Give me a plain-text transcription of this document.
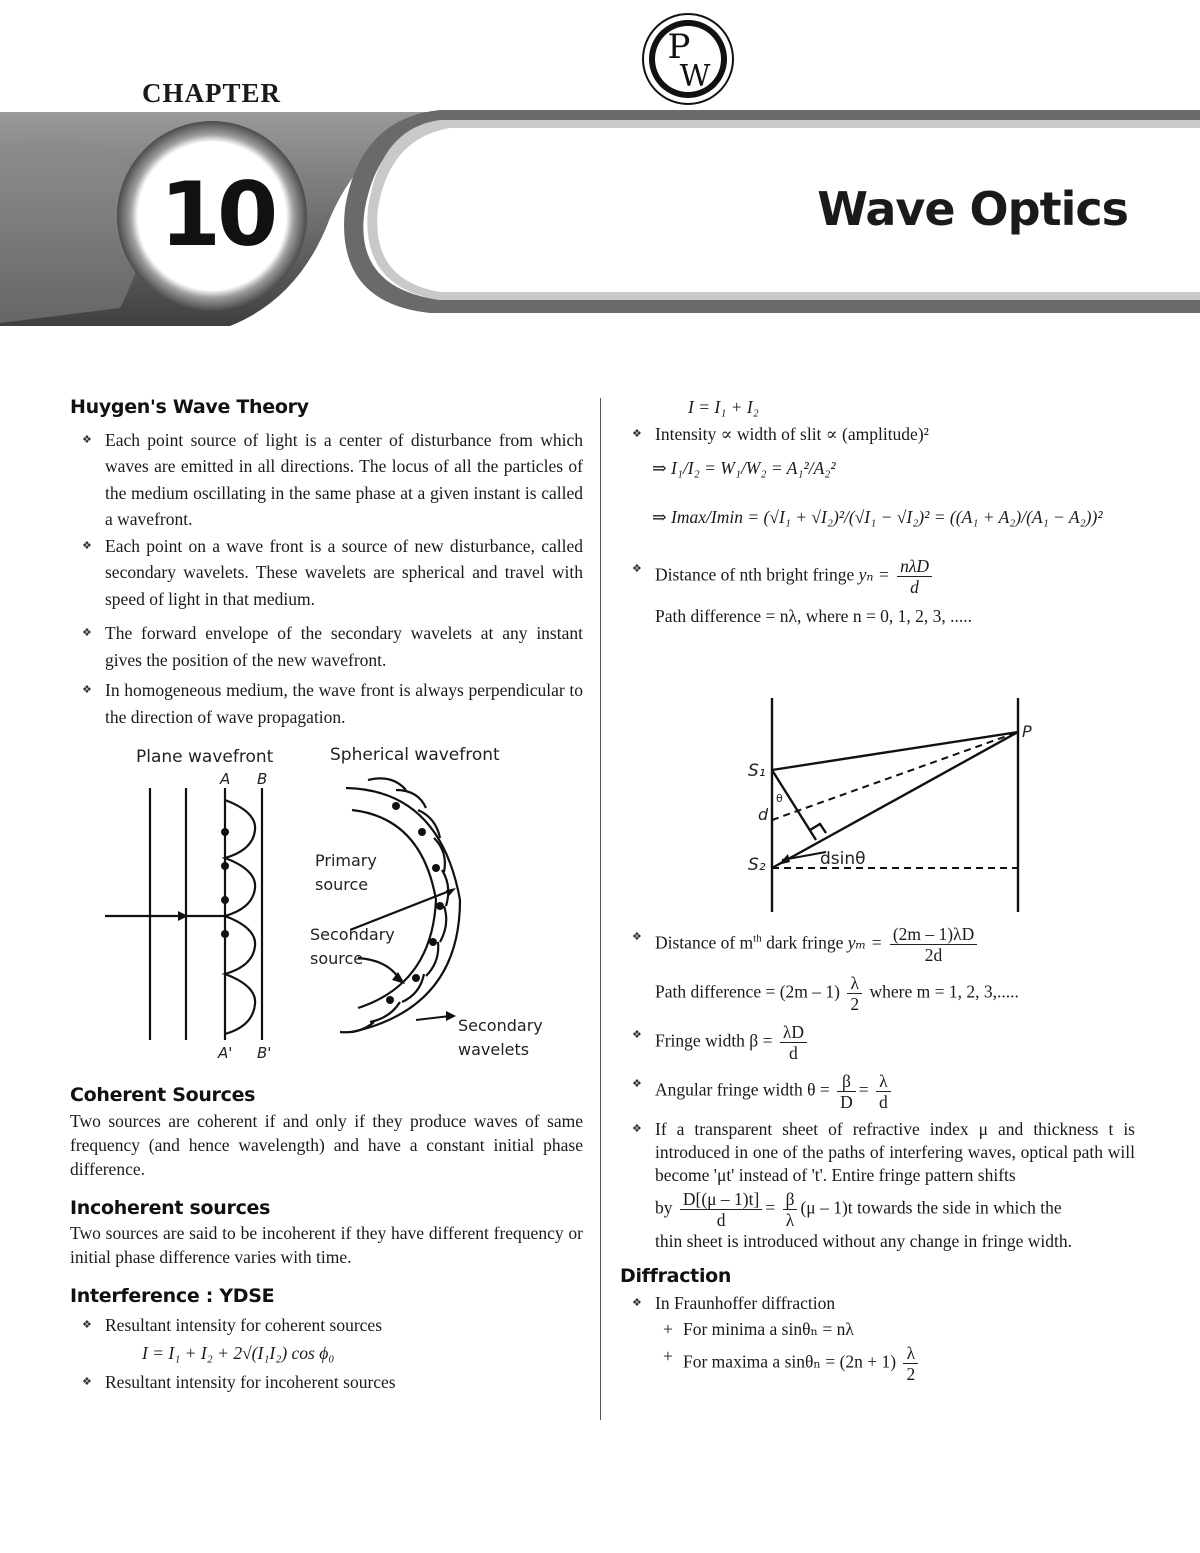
CHAPTER
P
W
10	Wave Optics
Huygen's Wave Theory
❖ Each point source of light is a center of disturbance from which waves are emitted in all directions. The locus of all the particles of the medium oscillating in the same phase at a given instant is called a wavefront.
❖ Each point on a wave front is a source of new disturbance, called secondary wavelets. These wavelets are spherical and travel with speed of light in that medium.
❖ The forward envelope of the secondary wavelets at any instant gives the position of the new wavefront.
❖ In homogeneous medium, the wave front is always perpendicular to the direction of wave propagation.
Plane wavefront	Spherical wavefront
A B
A' B'
Primary
source
Secondary
source
Secondary
wavelets
Coherent Sources
Two sources are coherent if and only if they produce waves of same frequency (and hence wavelength) and have a constant initial phase difference.
Incoherent sources
Two sources are said to be incoherent if they have different frequency or initial phase difference varies with time.
Interference : YDSE
❖ Resultant intensity for coherent sources
I = I₁ + I₂ + 2√(I₁I₂) cos ϕ₀
❖ Resultant intensity for incoherent sources
I = I₁ + I₂
❖ Intensity ∝ width of slit ∝ (amplitude)²
⇒ I₁/I₂ = W₁/W₂ = A₁²/A₂²
⇒ Imax/Imin = (√I₁ + √I₂)²/(√I₁ − √I₂)² = ((A₁ + A₂)/(A₁ − A₂))²
❖ Distance of nth bright fringe $y_n = \frac{\text{nλD}}{d}$
Path difference = nλ, where n = 0, 1, 2, 3, .....
P
S₁
S₂
d
θ
dsinθ
❖ Distance of $m^{th}$ dark fringe $y_m = \frac{(2m - 1)\lambda D}{2d}$
Path difference = $(2m - 1) \frac{\lambda}{2}$ where m = 1, 2, 3,.....
❖ Fringe width $\beta = \frac{\lambda D}{d}$
❖ Angular fringe width $\theta = \frac{\beta}{D} = \frac{\lambda}{d}$
❖ If a transparent sheet of refractive index μ and thickness t is introduced in one of the paths of interfering waves, optical path will become 'μt' instead of 't'. Entire fringe pattern shifts
by $\frac{D[(\mu - 1)t]}{d} = \frac{\beta}{\lambda} (\mu - 1)t$ towards the side in which the
thin sheet is introduced without any change in fringe width.
Diffraction
❖ In Fraunhoffer diffraction
+ For minima a sinθₙ = nλ
+ For maxima a $\sin\theta_n = (2n + 1) \frac{\lambda}{2}$
